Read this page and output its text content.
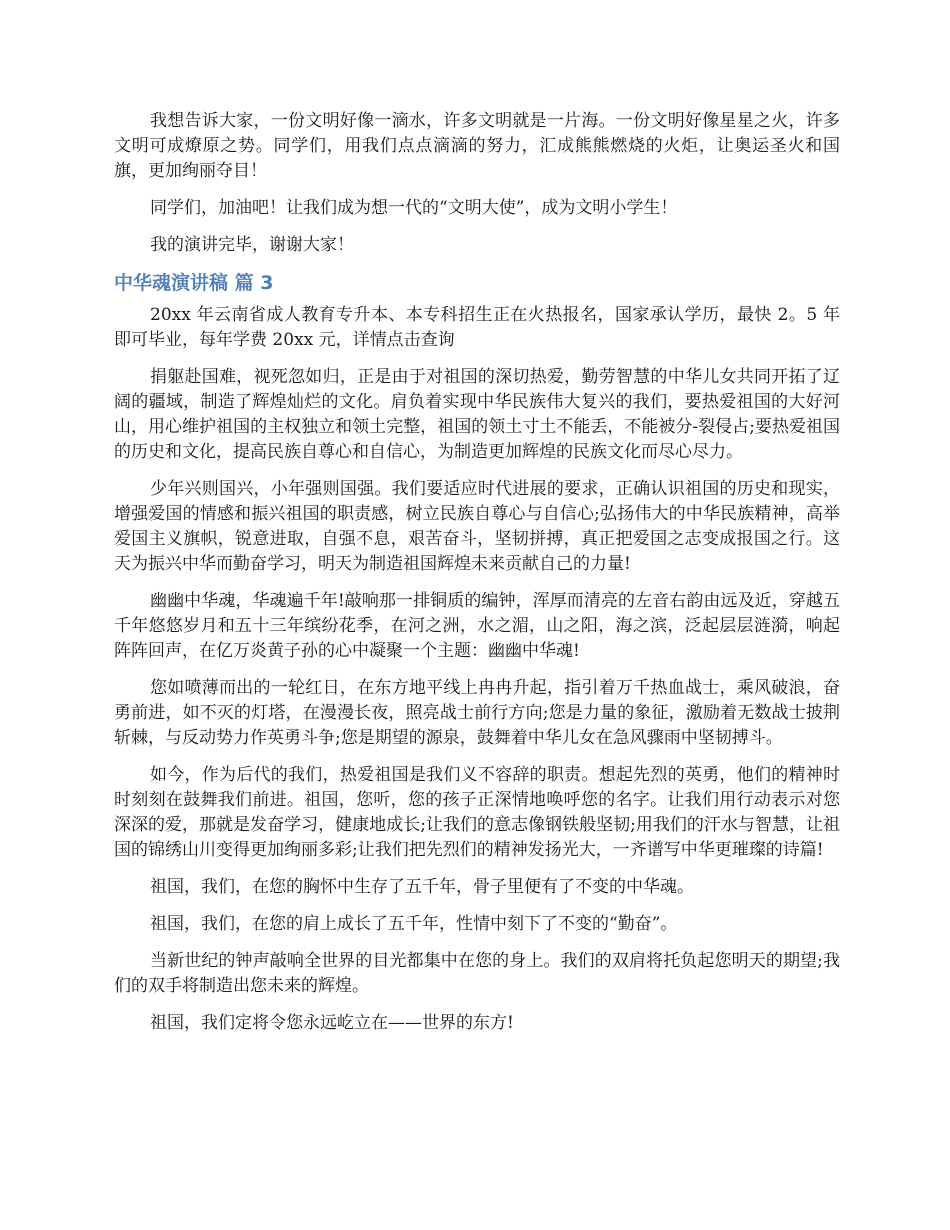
我想告诉大家，一份文明好像一滴水，许多文明就是一片海。一份文明好像星星之火，许多文明可成燎原之势。同学们，用我们点点滴滴的努力，汇成熊熊燃烧的火炬，让奥运圣火和国旗，更加绚丽夺目！

同学们，加油吧！让我们成为想一代的“文明大使”，成为文明小学生！

我的演讲完毕，谢谢大家！

中华魂演讲稿 篇 3

20xx 年云南省成人教育专升本、本专科招生正在火热报名，国家承认学历，最快 2。5 年即可毕业，每年学费 20xx 元，详情点击查询

捐躯赴国难，视死忽如归，正是由于对祖国的深切热爱，勤劳智慧的中华儿女共同开拓了辽阔的疆域，制造了辉煌灿烂的文化。肩负着实现中华民族伟大复兴的我们，要热爱祖国的大好河山，用心维护祖国的主权独立和领土完整，祖国的领土寸土不能丢，不能被分-裂侵占;要热爱祖国的历史和文化，提高民族自尊心和自信心，为制造更加辉煌的民族文化而尽心尽力。

少年兴则国兴，小年强则国强。我们要适应时代进展的要求，正确认识祖国的历史和现实，增强爱国的情感和振兴祖国的职责感，树立民族自尊心与自信心;弘扬伟大的中华民族精神，高举爱国主义旗帜，锐意进取，自强不息，艰苦奋斗，坚韧拼搏，真正把爱国之志变成报国之行。这天为振兴中华而勤奋学习，明天为制造祖国辉煌未来贡献自己的力量!

幽幽中华魂，华魂遍千年!敲响那一排铜质的编钟，浑厚而清亮的左音右韵由远及近，穿越五千年悠悠岁月和五十三年缤纷花季，在河之洲，水之湄，山之阳，海之滨，泛起层层涟漪，响起阵阵回声，在亿万炎黄子孙的心中凝聚一个主题：幽幽中华魂!

您如喷薄而出的一轮红日，在东方地平线上冉冉升起，指引着万千热血战士，乘风破浪，奋勇前进，如不灭的灯塔，在漫漫长夜，照亮战士前行方向;您是力量的象征，激励着无数战士披荆斩棘，与反动势力作英勇斗争;您是期望的源泉，鼓舞着中华儿女在急风骤雨中坚韧搏斗。

如今，作为后代的我们，热爱祖国是我们义不容辞的职责。想起先烈的英勇，他们的精神时时刻刻在鼓舞我们前进。祖国，您听，您的孩子正深情地唤呼您的名字。让我们用行动表示对您深深的爱，那就是发奋学习，健康地成长;让我们的意志像钢铁般坚韧;用我们的汗水与智慧，让祖国的锦绣山川变得更加绚丽多彩;让我们把先烈们的精神发扬光大，一齐谱写中华更璀璨的诗篇!

祖国，我们，在您的胸怀中生存了五千年，骨子里便有了不变的中华魂。

祖国，我们，在您的肩上成长了五千年，性情中刻下了不变的“勤奋”。

当新世纪的钟声敲响全世界的目光都集中在您的身上。我们的双肩将托负起您明天的期望;我们的双手将制造出您未来的辉煌。

祖国，我们定将令您永远屹立在——世界的东方!
